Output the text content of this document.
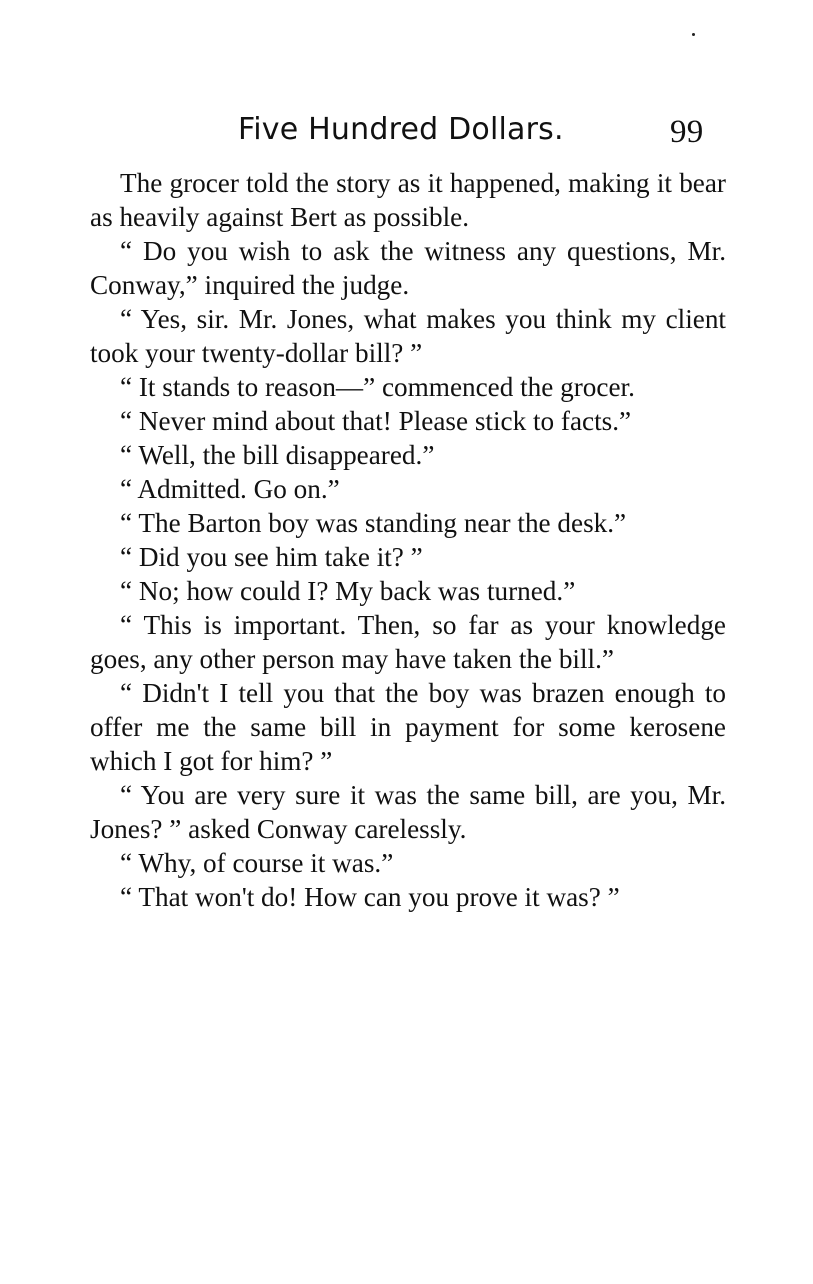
Five Hundred Dollars.	99

The grocer told the story as it happened, making it bear as heavily against Bert as possible.

“ Do you wish to ask the witness any questions, Mr. Conway,” inquired the judge.

“ Yes, sir. Mr. Jones, what makes you think my client took your twenty-dollar bill? ”

“ It stands to reason—” commenced the grocer.

“ Never mind about that! Please stick to facts.”

“ Well, the bill disappeared.”

“ Admitted. Go on.”

“ The Barton boy was standing near the desk.”

“ Did you see him take it? ”

“ No; how could I? My back was turned.”

“ This is important. Then, so far as your knowledge goes, any other person may have taken the bill.”

“ Didn't I tell you that the boy was brazen enough to offer me the same bill in payment for some kerosene which I got for him? ”

“ You are very sure it was the same bill, are you, Mr. Jones? ” asked Conway carelessly.

“ Why, of course it was.”

“ That won't do! How can you prove it was? ”
